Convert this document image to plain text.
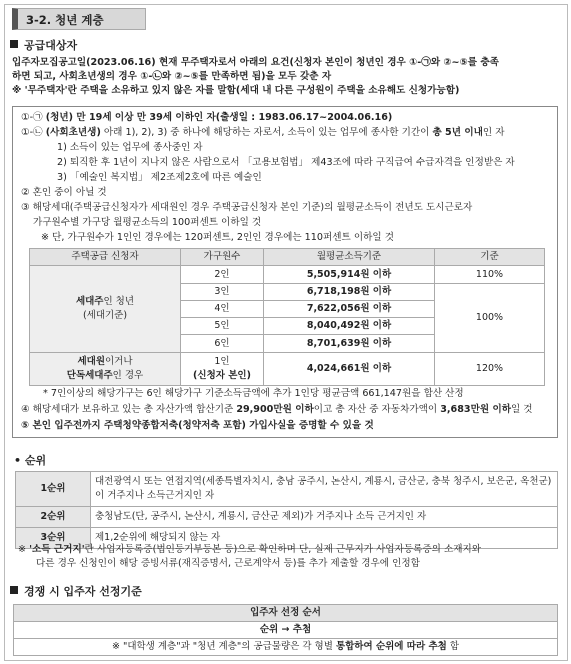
3-2. 청년 계층
공급대상자
입주자모집공고일(2023.06.16) 현재 무주택자로서 아래의 요건(신청자 본인이 청년인 경우 ①-㉠와 ②~⑤를 충족
하면 되고, 사회초년생의 경우 ①-㉡와 ②~⑤를 만족하면 됨)을 모두 갖춘 자
※ '무주택자'란 주택을 소유하고 있지 않은 자를 말함(세대 내 다른 구성원이 주택을 소유해도 신청가능함)
①-㉠ (청년) 만 19세 이상 만 39세 이하인 자(출생일 : 1983.06.17~2004.06.16)
①-㉡ (사회초년생) 아래 1), 2), 3) 중 하나에 해당하는 자로서, 소득이 있는 업무에 종사한 기간이 총 5년 이내인 자
1) 소득이 있는 업무에 종사중인 자
2) 퇴직한 후 1년이 지나지 않은 사람으로서 「고용보험법」 제43조에 따라 구직급여 수급자격을 인정받은 자
3) 「예술인 복지법」 제2조제2호에 따른 예술인
② 혼인 중이 아닐 것
③ 해당세대(주택공급신청자가 세대원인 경우 주택공급신청자 본인 기준)의 월평균소득이 전년도 도시근로자
가구원수별 가구당 월평균소득의 100퍼센트 이하일 것
※ 단, 가구원수가 1인인 경우에는 120퍼센트, 2인인 경우에는 110퍼센트 이하일 것
주택공급 신청자	가구원수	월평균소득기준	기준
세대주인 청년
(세대기준)	2인	5,505,914원 이하	110%
	3인	6,718,198원 이하	100%
	4인	7,622,056원 이하	
	5인	8,040,492원 이하	
	6인	8,701,639원 이하	
세대원이거나
단독세대주인 경우	1인
(신청자 본인)	4,024,661원 이하	120%
* 7인이상의 해당가구는 6인 해당가구 기준소득금액에 추가 1인당 평균금액 661,147원을 합산 산정
④ 해당세대가 보유하고 있는 총 자산가액 합산기준 29,900만원 이하이고 총 자산 중 자동차가액이 3,683만원 이하일 것
⑤ 본인 입주전까지 주택청약종합저축(청약저축 포함) 가입사실을 증명할 수 있을 것
• 순위
1순위	대전광역시 또는 연접지역(세종특별자치시, 충남 공주시, 논산시, 계룡시, 금산군, 충북 청주시, 보은군, 옥천군)이 거주지나 소득근거지인 자
2순위	충청남도(단, 공주시, 논산시, 계룡시, 금산군 제외)가 거주지나 소득 근거지인 자
3순위	제1,2순위에 해당되지 않는 자
※ '소득 근거지'란 사업자등록증(법인등기부등본 등)으로 확인하며 단, 실제 근무지가 사업자등록증의 소재지와
다른 경우 신청인이 해당 증빙서류(재직증명서, 근로계약서 등)를 추가 제출할 경우에 인정함
경쟁 시 입주자 선정기준
입주자 선정 순서
순위 → 추첨
※ "대학생 계층"과 "청년 계층"의 공급물량은 각 형별 통합하여 순위에 따라 추첨 함
